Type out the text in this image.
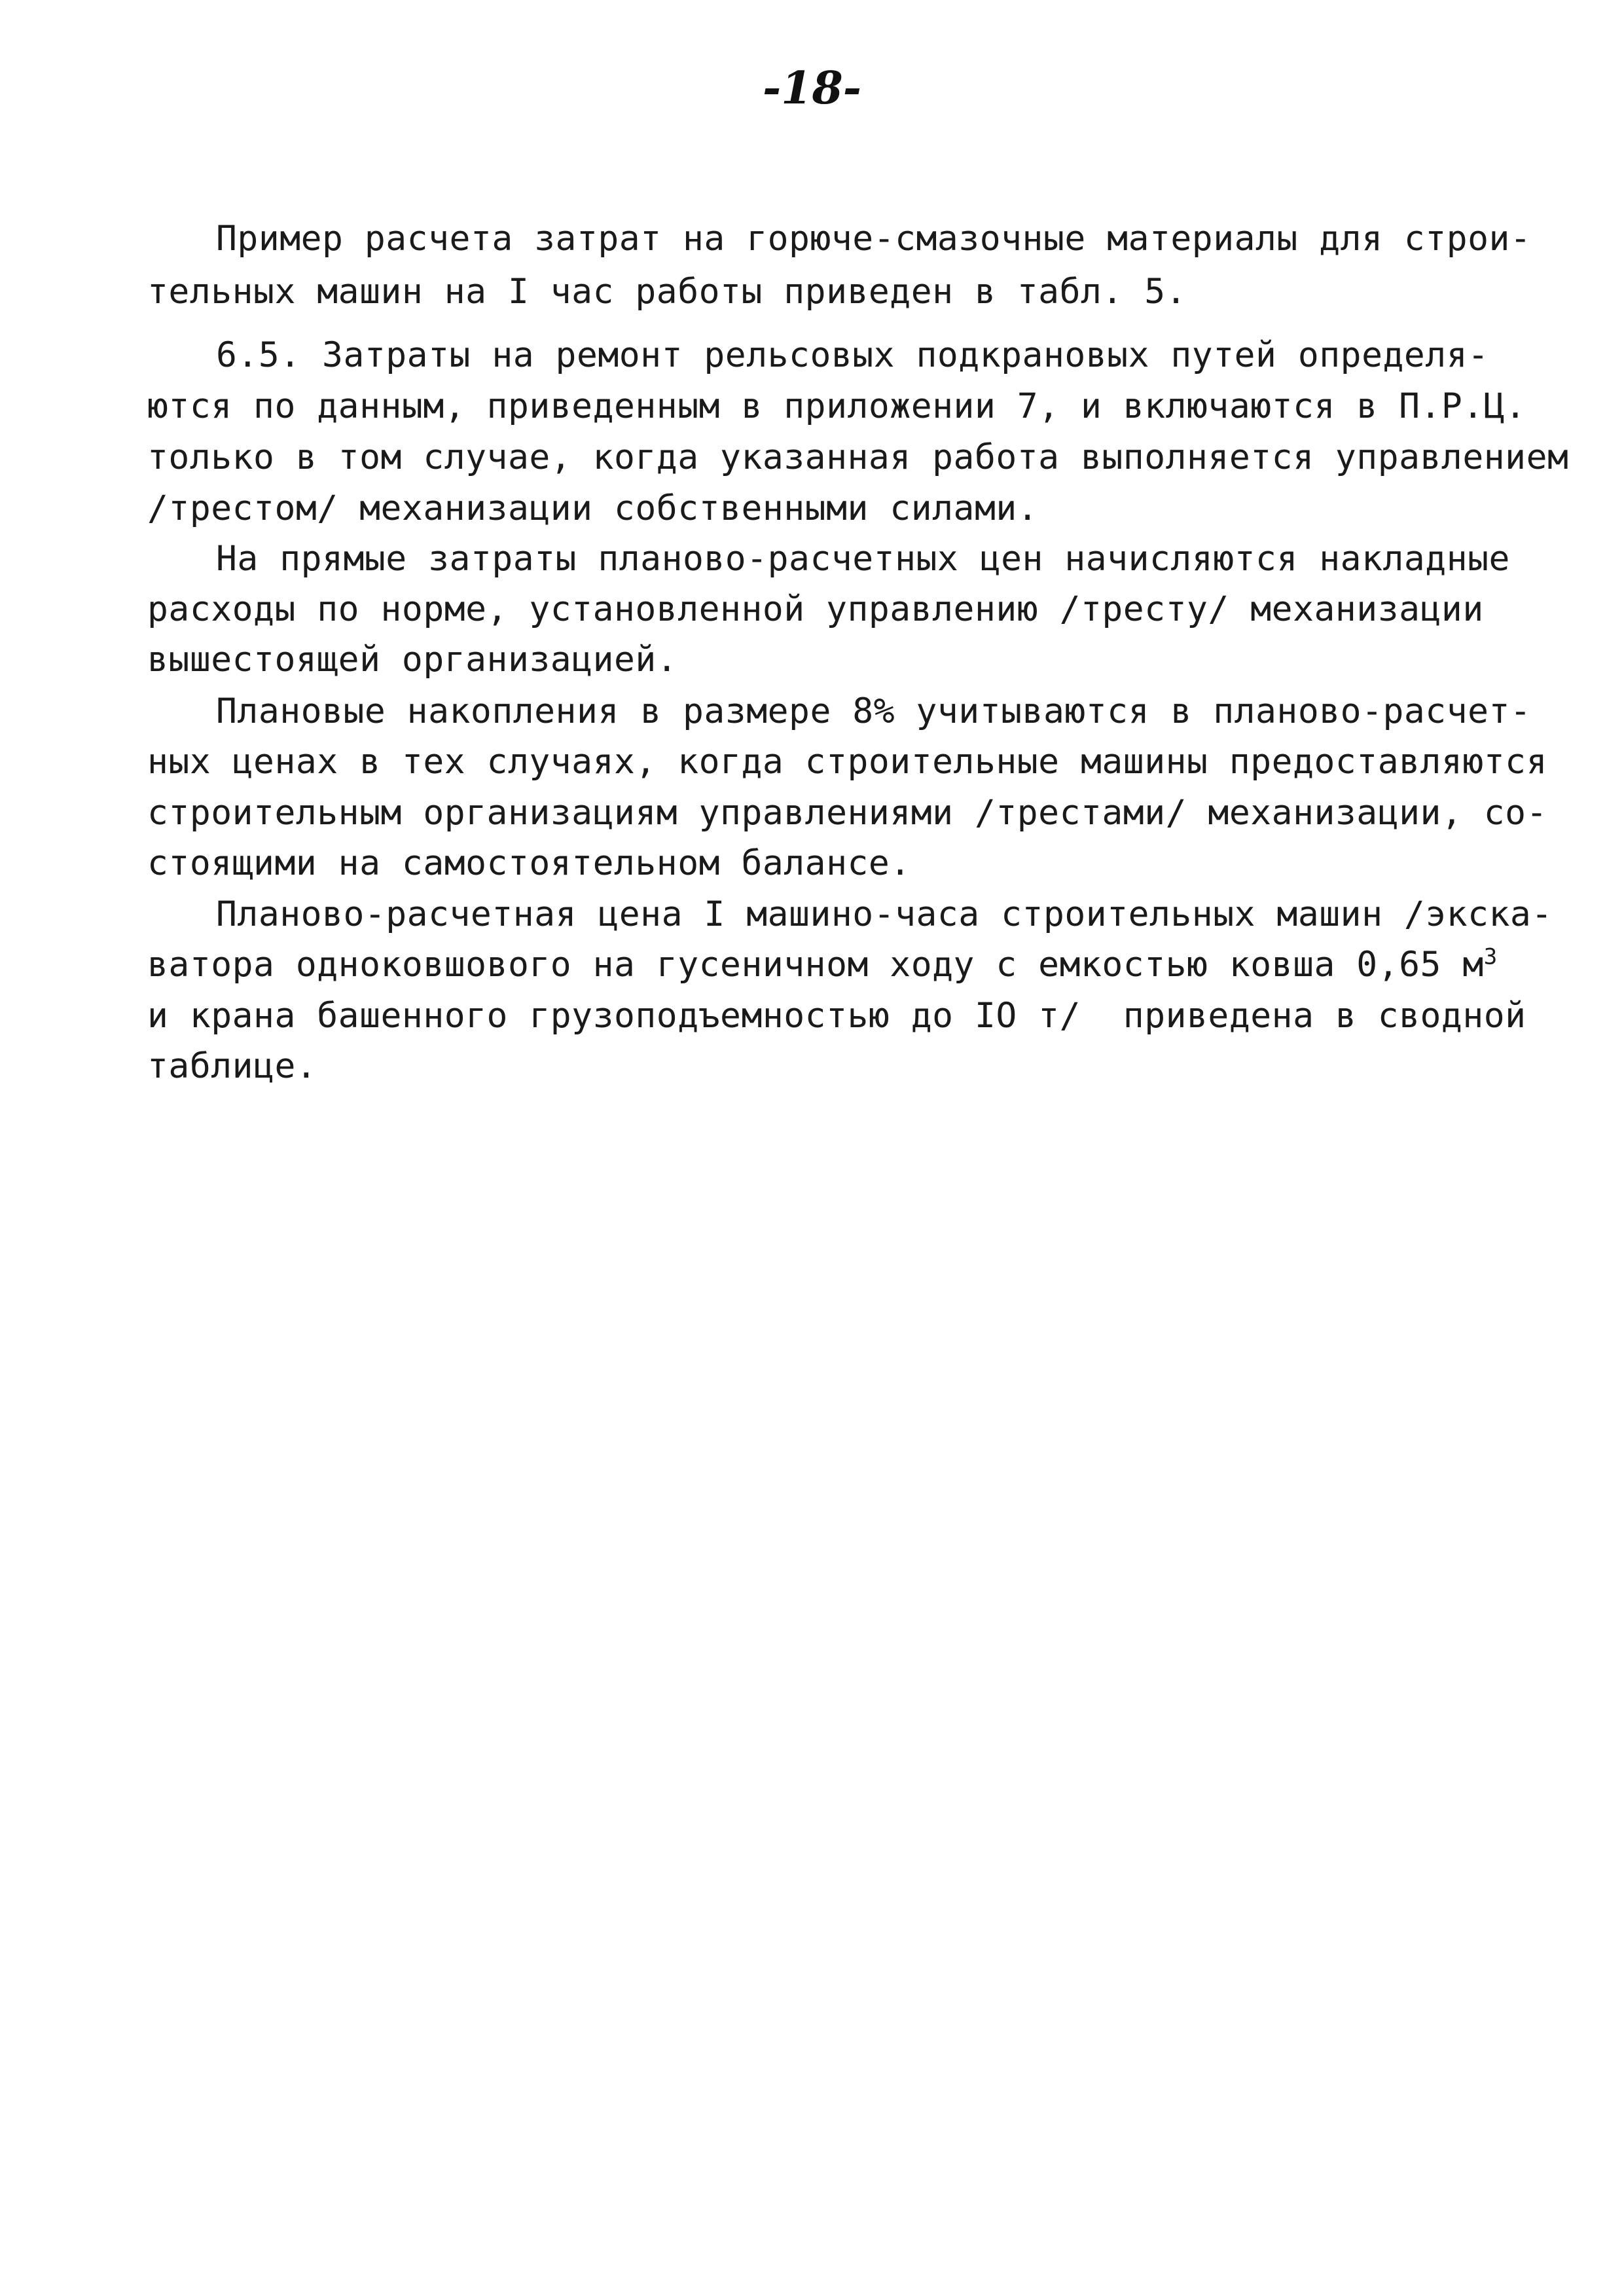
-18-
Пример расчета затрат на горюче-смазочные материалы для строи-
тельных машин на I час работы приведен в табл. 5.
6.5. Затраты на ремонт рельсовых подкрановых путей определя-
ются по данным, приведенным в приложении 7, и включаются в П.Р.Ц.
только в том случае, когда указанная работа выполняется управлением
/трестом/ механизации собственными силами.
На прямые затраты планово-расчетных цен начисляются накладные
расходы по норме, установленной управлению /тресту/ механизации
вышестоящей организацией.
Плановые накопления в размере 8% учитываются в планово-расчет-
ных ценах в тех случаях, когда строительные машины предоставляются
строительным организациям управлениями /трестами/ механизации, со-
стоящими на самостоятельном балансе.
Планово-расчетная цена I машино-часа строительных машин /экска-
ватора одноковшового на гусеничном ходу с емкостью ковша 0,65 $м^3$
и крана башенного грузоподъемностью до IO т/  приведена в сводной
таблице.
